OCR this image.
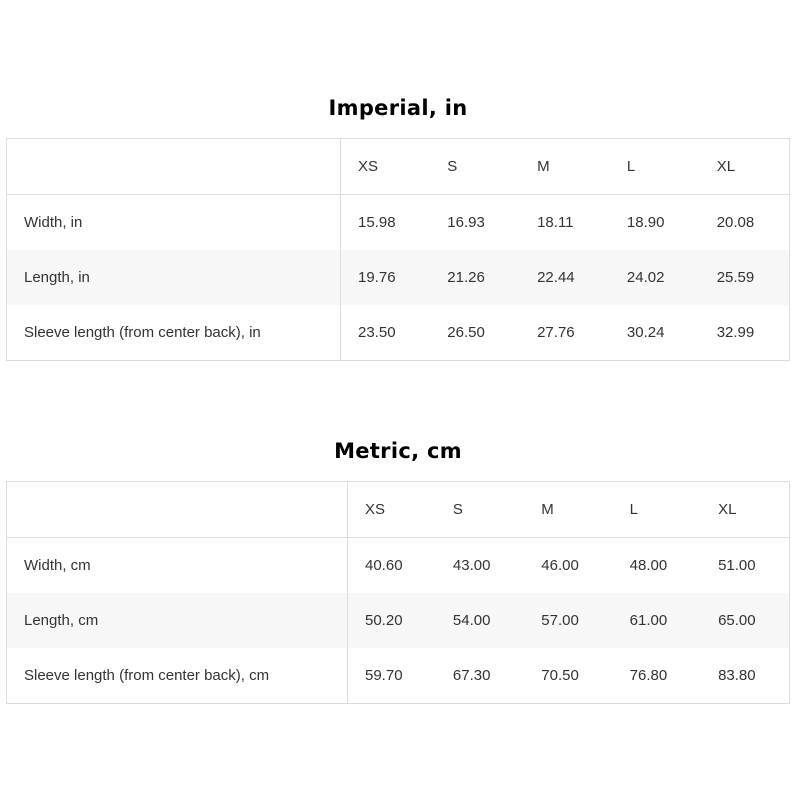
Imperial, in
	XS	S	M	L	XL
Width, in	15.98	16.93	18.11	18.90	20.08
Length, in	19.76	21.26	22.44	24.02	25.59
Sleeve length (from center back), in	23.50	26.50	27.76	30.24	32.99
Metric, cm
	XS	S	M	L	XL
Width, cm	40.60	43.00	46.00	48.00	51.00
Length, cm	50.20	54.00	57.00	61.00	65.00
Sleeve length (from center back), cm	59.70	67.30	70.50	76.80	83.80
